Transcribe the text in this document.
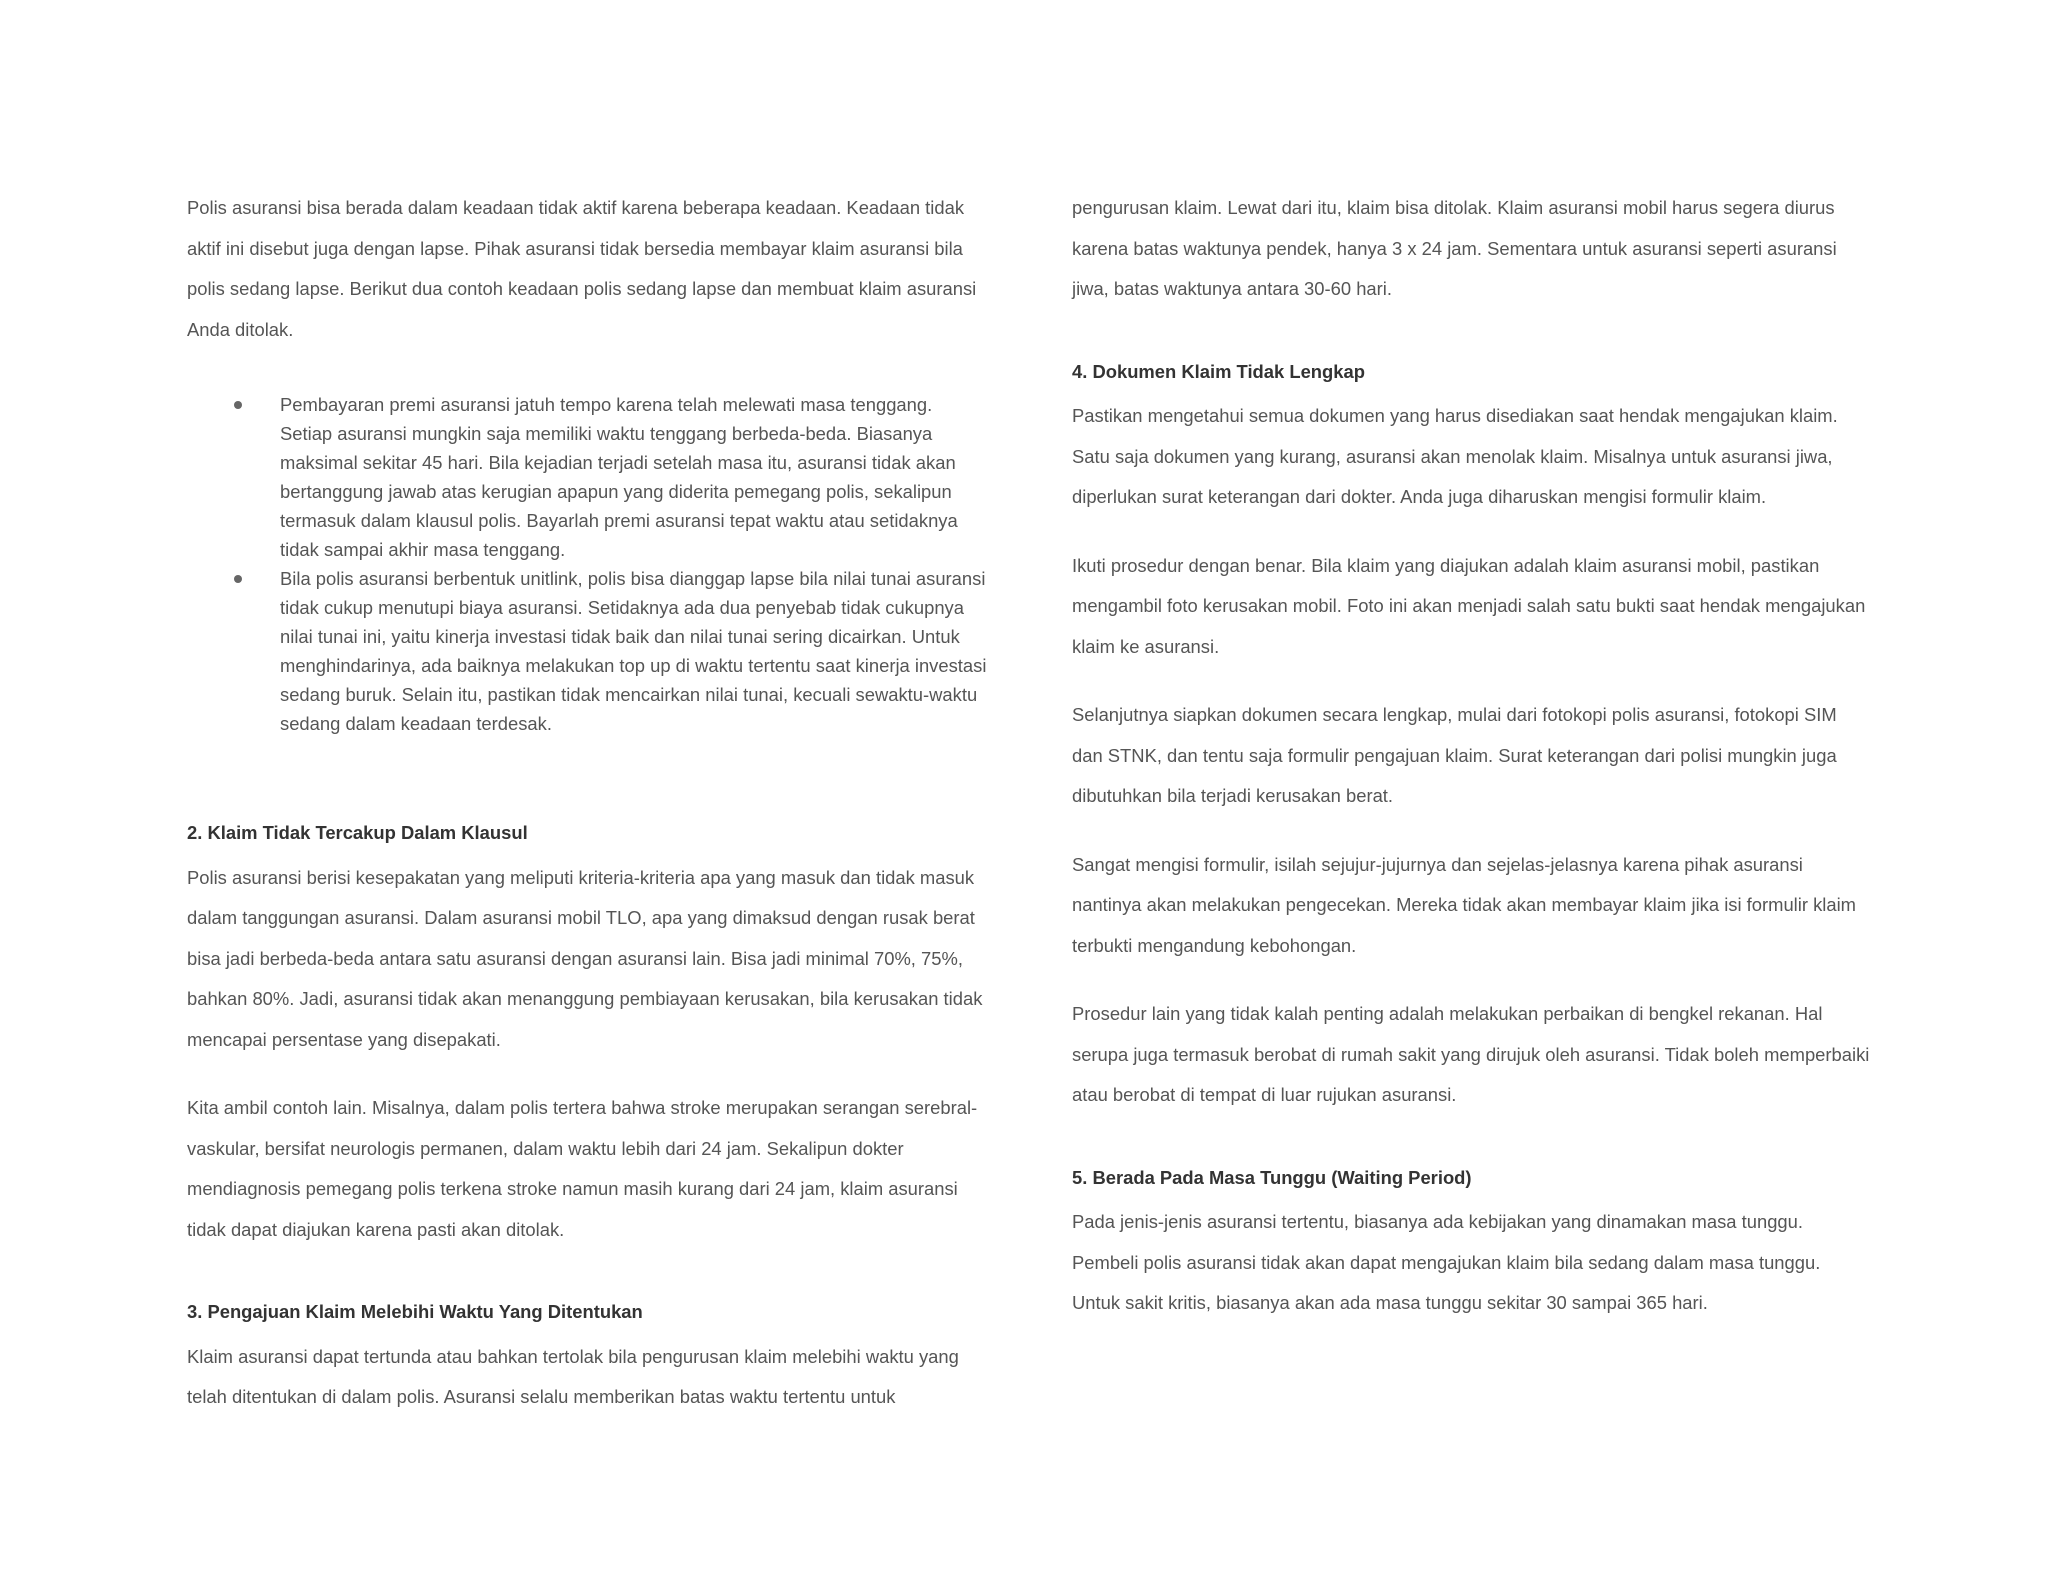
Polis asuransi bisa berada dalam keadaan tidak aktif karena beberapa keadaan. Keadaan tidak aktif ini disebut juga dengan lapse. Pihak asuransi tidak bersedia membayar klaim asuransi bila polis sedang lapse. Berikut dua contoh keadaan polis sedang lapse dan membuat klaim asuransi Anda ditolak.

Pembayaran premi asuransi jatuh tempo karena telah melewati masa tenggang. Setiap asuransi mungkin saja memiliki waktu tenggang berbeda-beda. Biasanya maksimal sekitar 45 hari. Bila kejadian terjadi setelah masa itu, asuransi tidak akan bertanggung jawab atas kerugian apapun yang diderita pemegang polis, sekalipun termasuk dalam klausul polis. Bayarlah premi asuransi tepat waktu atau setidaknya tidak sampai akhir masa tenggang.
Bila polis asuransi berbentuk unitlink, polis bisa dianggap lapse bila nilai tunai asuransi tidak cukup menutupi biaya asuransi. Setidaknya ada dua penyebab tidak cukupnya nilai tunai ini, yaitu kinerja investasi tidak baik dan nilai tunai sering dicairkan. Untuk menghindarinya, ada baiknya melakukan top up di waktu tertentu saat kinerja investasi sedang buruk. Selain itu, pastikan tidak mencairkan nilai tunai, kecuali sewaktu-waktu sedang dalam keadaan terdesak.
2. Klaim Tidak Tercakup Dalam Klausul

Polis asuransi berisi kesepakatan yang meliputi kriteria-kriteria apa yang masuk dan tidak masuk dalam tanggungan asuransi. Dalam asuransi mobil TLO, apa yang dimaksud dengan rusak berat bisa jadi berbeda-beda antara satu asuransi dengan asuransi lain. Bisa jadi minimal 70%, 75%, bahkan 80%. Jadi, asuransi tidak akan menanggung pembiayaan kerusakan, bila kerusakan tidak mencapai persentase yang disepakati.

Kita ambil contoh lain. Misalnya, dalam polis tertera bahwa stroke merupakan serangan serebral-vaskular, bersifat neurologis permanen, dalam waktu lebih dari 24 jam. Sekalipun dokter mendiagnosis pemegang polis terkena stroke namun masih kurang dari 24 jam, klaim asuransi tidak dapat diajukan karena pasti akan ditolak.

3. Pengajuan Klaim Melebihi Waktu Yang Ditentukan

Klaim asuransi dapat tertunda atau bahkan tertolak bila pengurusan klaim melebihi waktu yang telah ditentukan di dalam polis. Asuransi selalu memberikan batas waktu tertentu untuk

pengurusan klaim. Lewat dari itu, klaim bisa ditolak. Klaim asuransi mobil harus segera diurus karena batas waktunya pendek, hanya 3 x 24 jam. Sementara untuk asuransi seperti asuransi jiwa, batas waktunya antara 30-60 hari.

4. Dokumen Klaim Tidak Lengkap

Pastikan mengetahui semua dokumen yang harus disediakan saat hendak mengajukan klaim. Satu saja dokumen yang kurang, asuransi akan menolak klaim. Misalnya untuk asuransi jiwa, diperlukan surat keterangan dari dokter. Anda juga diharuskan mengisi formulir klaim.

Ikuti prosedur dengan benar. Bila klaim yang diajukan adalah klaim asuransi mobil, pastikan mengambil foto kerusakan mobil. Foto ini akan menjadi salah satu bukti saat hendak mengajukan klaim ke asuransi.

Selanjutnya siapkan dokumen secara lengkap, mulai dari fotokopi polis asuransi, fotokopi SIM dan STNK, dan tentu saja formulir pengajuan klaim. Surat keterangan dari polisi mungkin juga dibutuhkan bila terjadi kerusakan berat.

Sangat mengisi formulir, isilah sejujur-jujurnya dan sejelas-jelasnya karena pihak asuransi nantinya akan melakukan pengecekan. Mereka tidak akan membayar klaim jika isi formulir klaim terbukti mengandung kebohongan.

Prosedur lain yang tidak kalah penting adalah melakukan perbaikan di bengkel rekanan. Hal serupa juga termasuk berobat di rumah sakit yang dirujuk oleh asuransi. Tidak boleh memperbaiki atau berobat di tempat di luar rujukan asuransi.

5. Berada Pada Masa Tunggu (Waiting Period)

Pada jenis-jenis asuransi tertentu, biasanya ada kebijakan yang dinamakan masa tunggu. Pembeli polis asuransi tidak akan dapat mengajukan klaim bila sedang dalam masa tunggu. Untuk sakit kritis, biasanya akan ada masa tunggu sekitar 30 sampai 365 hari.
